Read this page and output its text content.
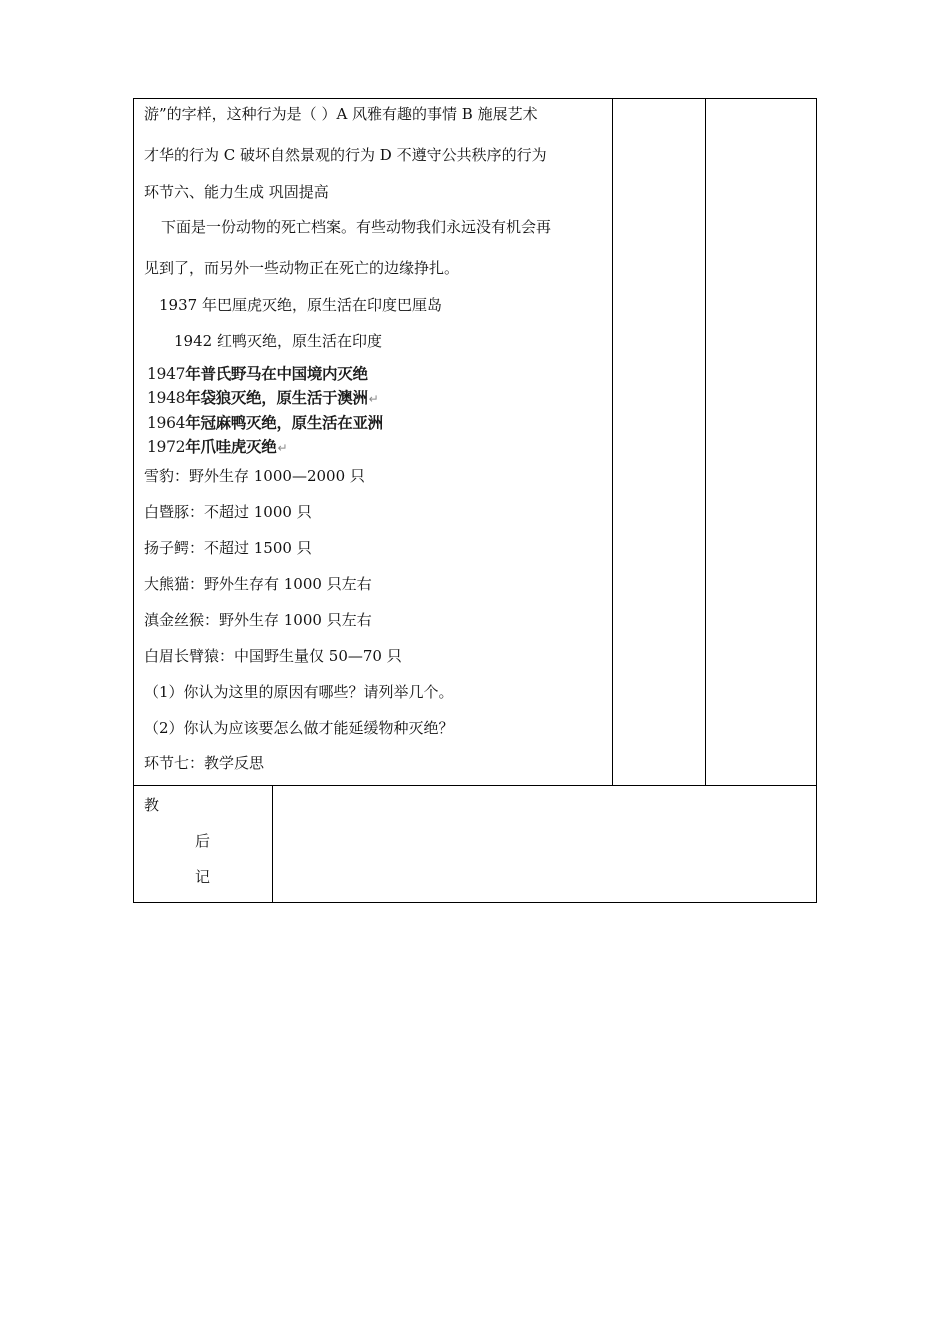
游”的字样，这种行为是（ ）A 风雅有趣的事情 B 施展艺术
才华的行为 C 破坏自然景观的行为 D 不遵守公共秩序的行为
环节六、能力生成 巩固提高
下面是一份动物的死亡档案。有些动物我们永远没有机会再
见到了，而另外一些动物正在死亡的边缘挣扎。
1937 年巴厘虎灭绝，原生活在印度巴厘岛
1942 红鸭灭绝，原生活在印度
1947年普氏野马在中国境内灭绝
1948年袋狼灭绝，原生活于澳洲↵
1964年冠麻鸭灭绝，原生活在亚洲
1972年爪哇虎灭绝↵
雪豹：野外生存 1000—2000 只
白暨豚：不超过 1000 只
扬子鳄：不超过 1500 只
大熊猫：野外生存有 1000 只左右
滇金丝猴：野外生存 1000 只左右
白眉长臂猿：中国野生量仅 50—70 只
（1）你认为这里的原因有哪些？请列举几个。
（2）你认为应该要怎么做才能延缓物种灭绝？
环节七：教学反思
教
后
记
